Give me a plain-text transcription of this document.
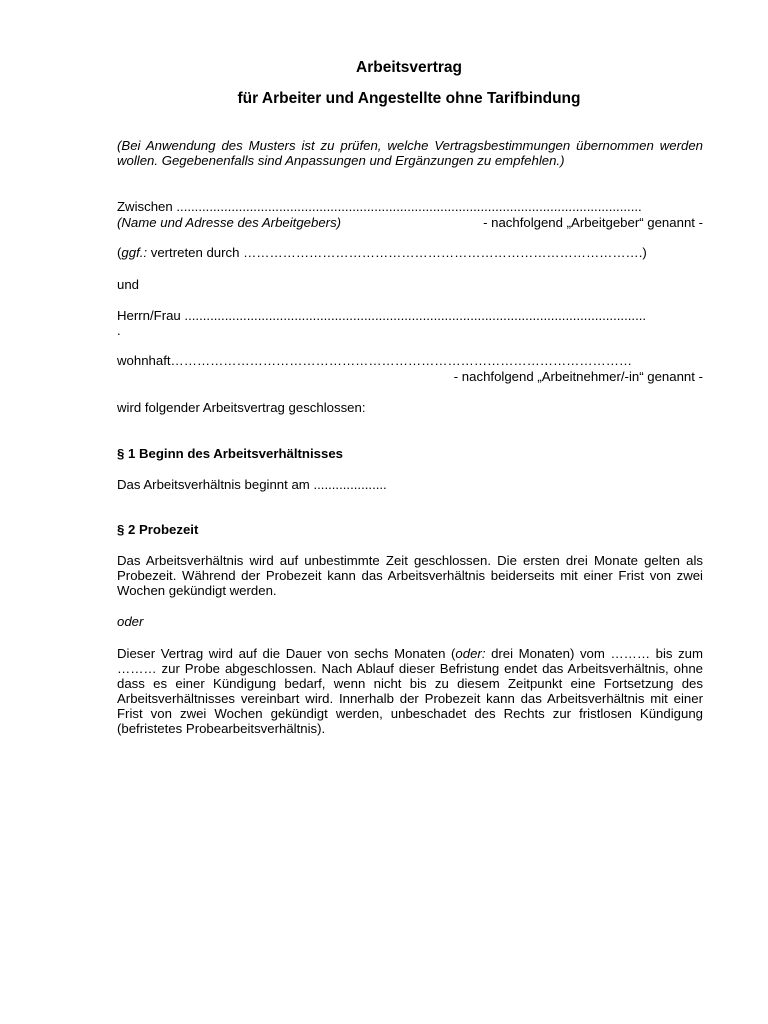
Arbeitsvertrag
für Arbeiter und Angestellte ohne Tarifbindung
(Bei Anwendung des Musters ist zu prüfen, welche Vertragsbestimmungen übernommen werden wollen. Gegebenenfalls sind Anpassungen und Ergänzungen zu empfehlen.)
Zwischen ...............................................................................................................................
(Name und Adresse des Arbeitgebers)	- nachfolgend „Arbeitgeber“ genannt -
(ggf.: vertreten durch ……………………………………………………………………………….)
und
Herrn/Frau ..............................................................................................................................
.
wohnhaft……………………………………………………………………………………………
- nachfolgend „Arbeitnehmer/-in“ genannt -
wird folgender Arbeitsvertrag geschlossen:
§ 1 Beginn des Arbeitsverhältnisses
Das Arbeitsverhältnis beginnt am ....................
§ 2 Probezeit
Das Arbeitsverhältnis wird auf unbestimmte Zeit geschlossen. Die ersten drei Monate gelten als Probezeit. Während der Probezeit kann das Arbeitsverhältnis beiderseits mit einer Frist von zwei Wochen gekündigt werden.
oder
Dieser Vertrag wird auf die Dauer von sechs Monaten (oder: drei Monaten) vom ……… bis zum ……… zur Probe abgeschlossen. Nach Ablauf dieser Befristung endet das Arbeitsverhältnis, ohne dass es einer Kündigung bedarf, wenn nicht bis zu diesem Zeitpunkt eine Fortsetzung des Arbeitsverhältnisses vereinbart wird. Innerhalb der Probezeit kann das Arbeitsverhältnis mit einer Frist von zwei Wochen gekündigt werden, unbeschadet des Rechts zur fristlosen Kündigung (befristetes Probearbeitsverhältnis).
